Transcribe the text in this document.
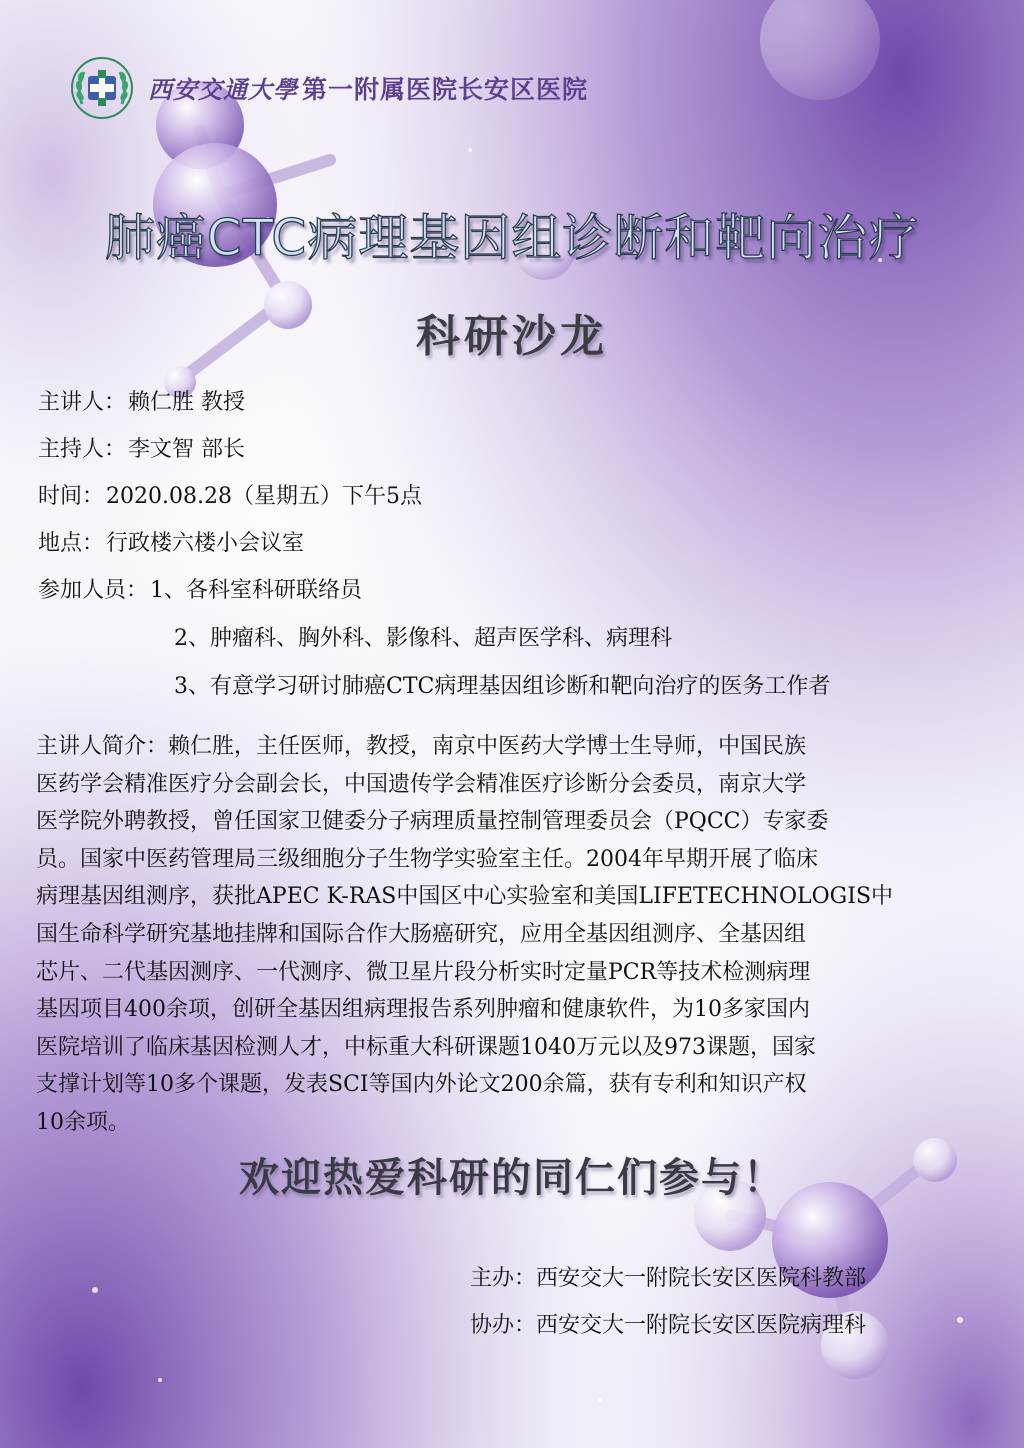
西安交通大學 第一附属医院长安区医院
肺癌CTC病理基因组诊断和靶向治疗
科研沙龙
主讲人：赖仁胜 教授
主持人：李文智 部长
时间：2020.08.28（星期五）下午5点
地点：行政楼六楼小会议室
参加人员：1、各科室科研联络员
2、肿瘤科、胸外科、影像科、超声医学科、病理科
3、有意学习研讨肺癌CTC病理基因组诊断和靶向治疗的医务工作者
主讲人简介：赖仁胜，主任医师，教授，南京中医药大学博士生导师，中国民族
医药学会精准医疗分会副会长，中国遗传学会精准医疗诊断分会委员，南京大学
医学院外聘教授，曾任国家卫健委分子病理质量控制管理委员会（PQCC）专家委
员。国家中医药管理局三级细胞分子生物学实验室主任。2004年早期开展了临床
病理基因组测序，获批APEC K-RAS中国区中心实验室和美国LIFETECHNOLOGIS中
国生命科学研究基地挂牌和国际合作大肠癌研究，应用全基因组测序、全基因组
芯片、二代基因测序、一代测序、微卫星片段分析实时定量PCR等技术检测病理
基因项目400余项，创研全基因组病理报告系列肿瘤和健康软件，为10多家国内
医院培训了临床基因检测人才，中标重大科研课题1040万元以及973课题，国家
支撑计划等10多个课题，发表SCI等国内外论文200余篇，获有专利和知识产权
10余项。
欢迎热爱科研的同仁们参与！
主办：西安交大一附院长安区医院科教部
协办：西安交大一附院长安区医院病理科
